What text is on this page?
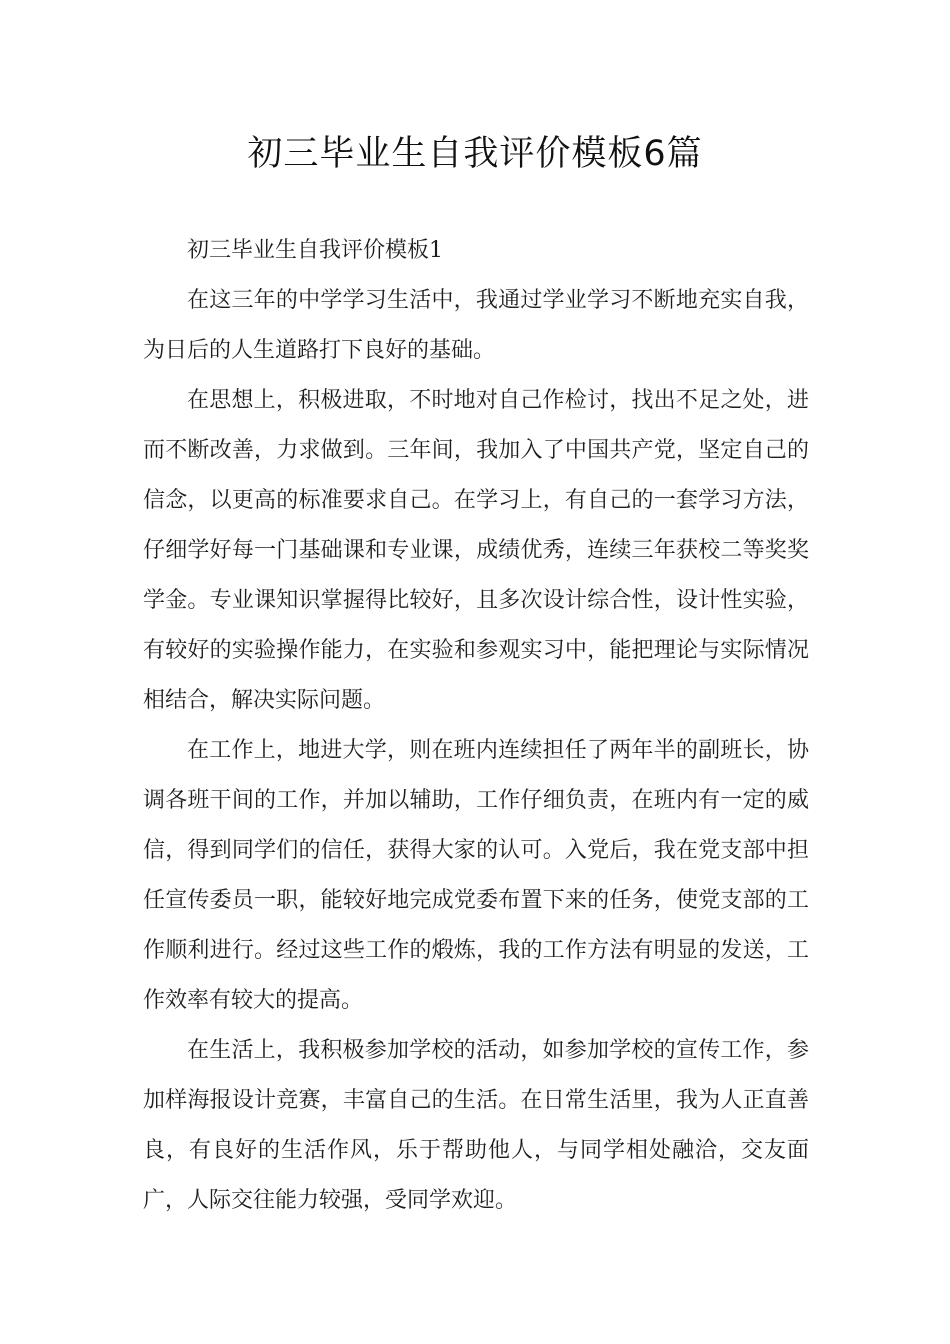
初三毕业生自我评价模板6篇

初三毕业生自我评价模板1

在这三年的中学学习生活中，我通过学业学习不断地充实自我，为日后的人生道路打下良好的基础。

在思想上，积极进取，不时地对自己作检讨，找出不足之处，进而不断改善，力求做到。三年间，我加入了中国共产党，坚定自己的信念，以更高的标准要求自己。在学习上，有自己的一套学习方法，仔细学好每一门基础课和专业课，成绩优秀，连续三年获校二等奖奖学金。专业课知识掌握得比较好，且多次设计综合性，设计性实验，有较好的实验操作能力，在实验和参观实习中，能把理论与实际情况相结合，解决实际问题。

在工作上，地进大学，则在班内连续担任了两年半的副班长，协调各班干间的工作，并加以辅助，工作仔细负责，在班内有一定的威信，得到同学们的信任，获得大家的认可。入党后，我在党支部中担任宣传委员一职，能较好地完成党委布置下来的任务，使党支部的工作顺利进行。经过这些工作的煅炼，我的工作方法有明显的发送，工作效率有较大的提高。

在生活上，我积极参加学校的活动，如参加学校的宣传工作，参加样海报设计竞赛，丰富自己的生活。在日常生活里，我为人正直善良，有良好的生活作风，乐于帮助他人，与同学相处融洽，交友面广，人际交往能力较强，受同学欢迎。
